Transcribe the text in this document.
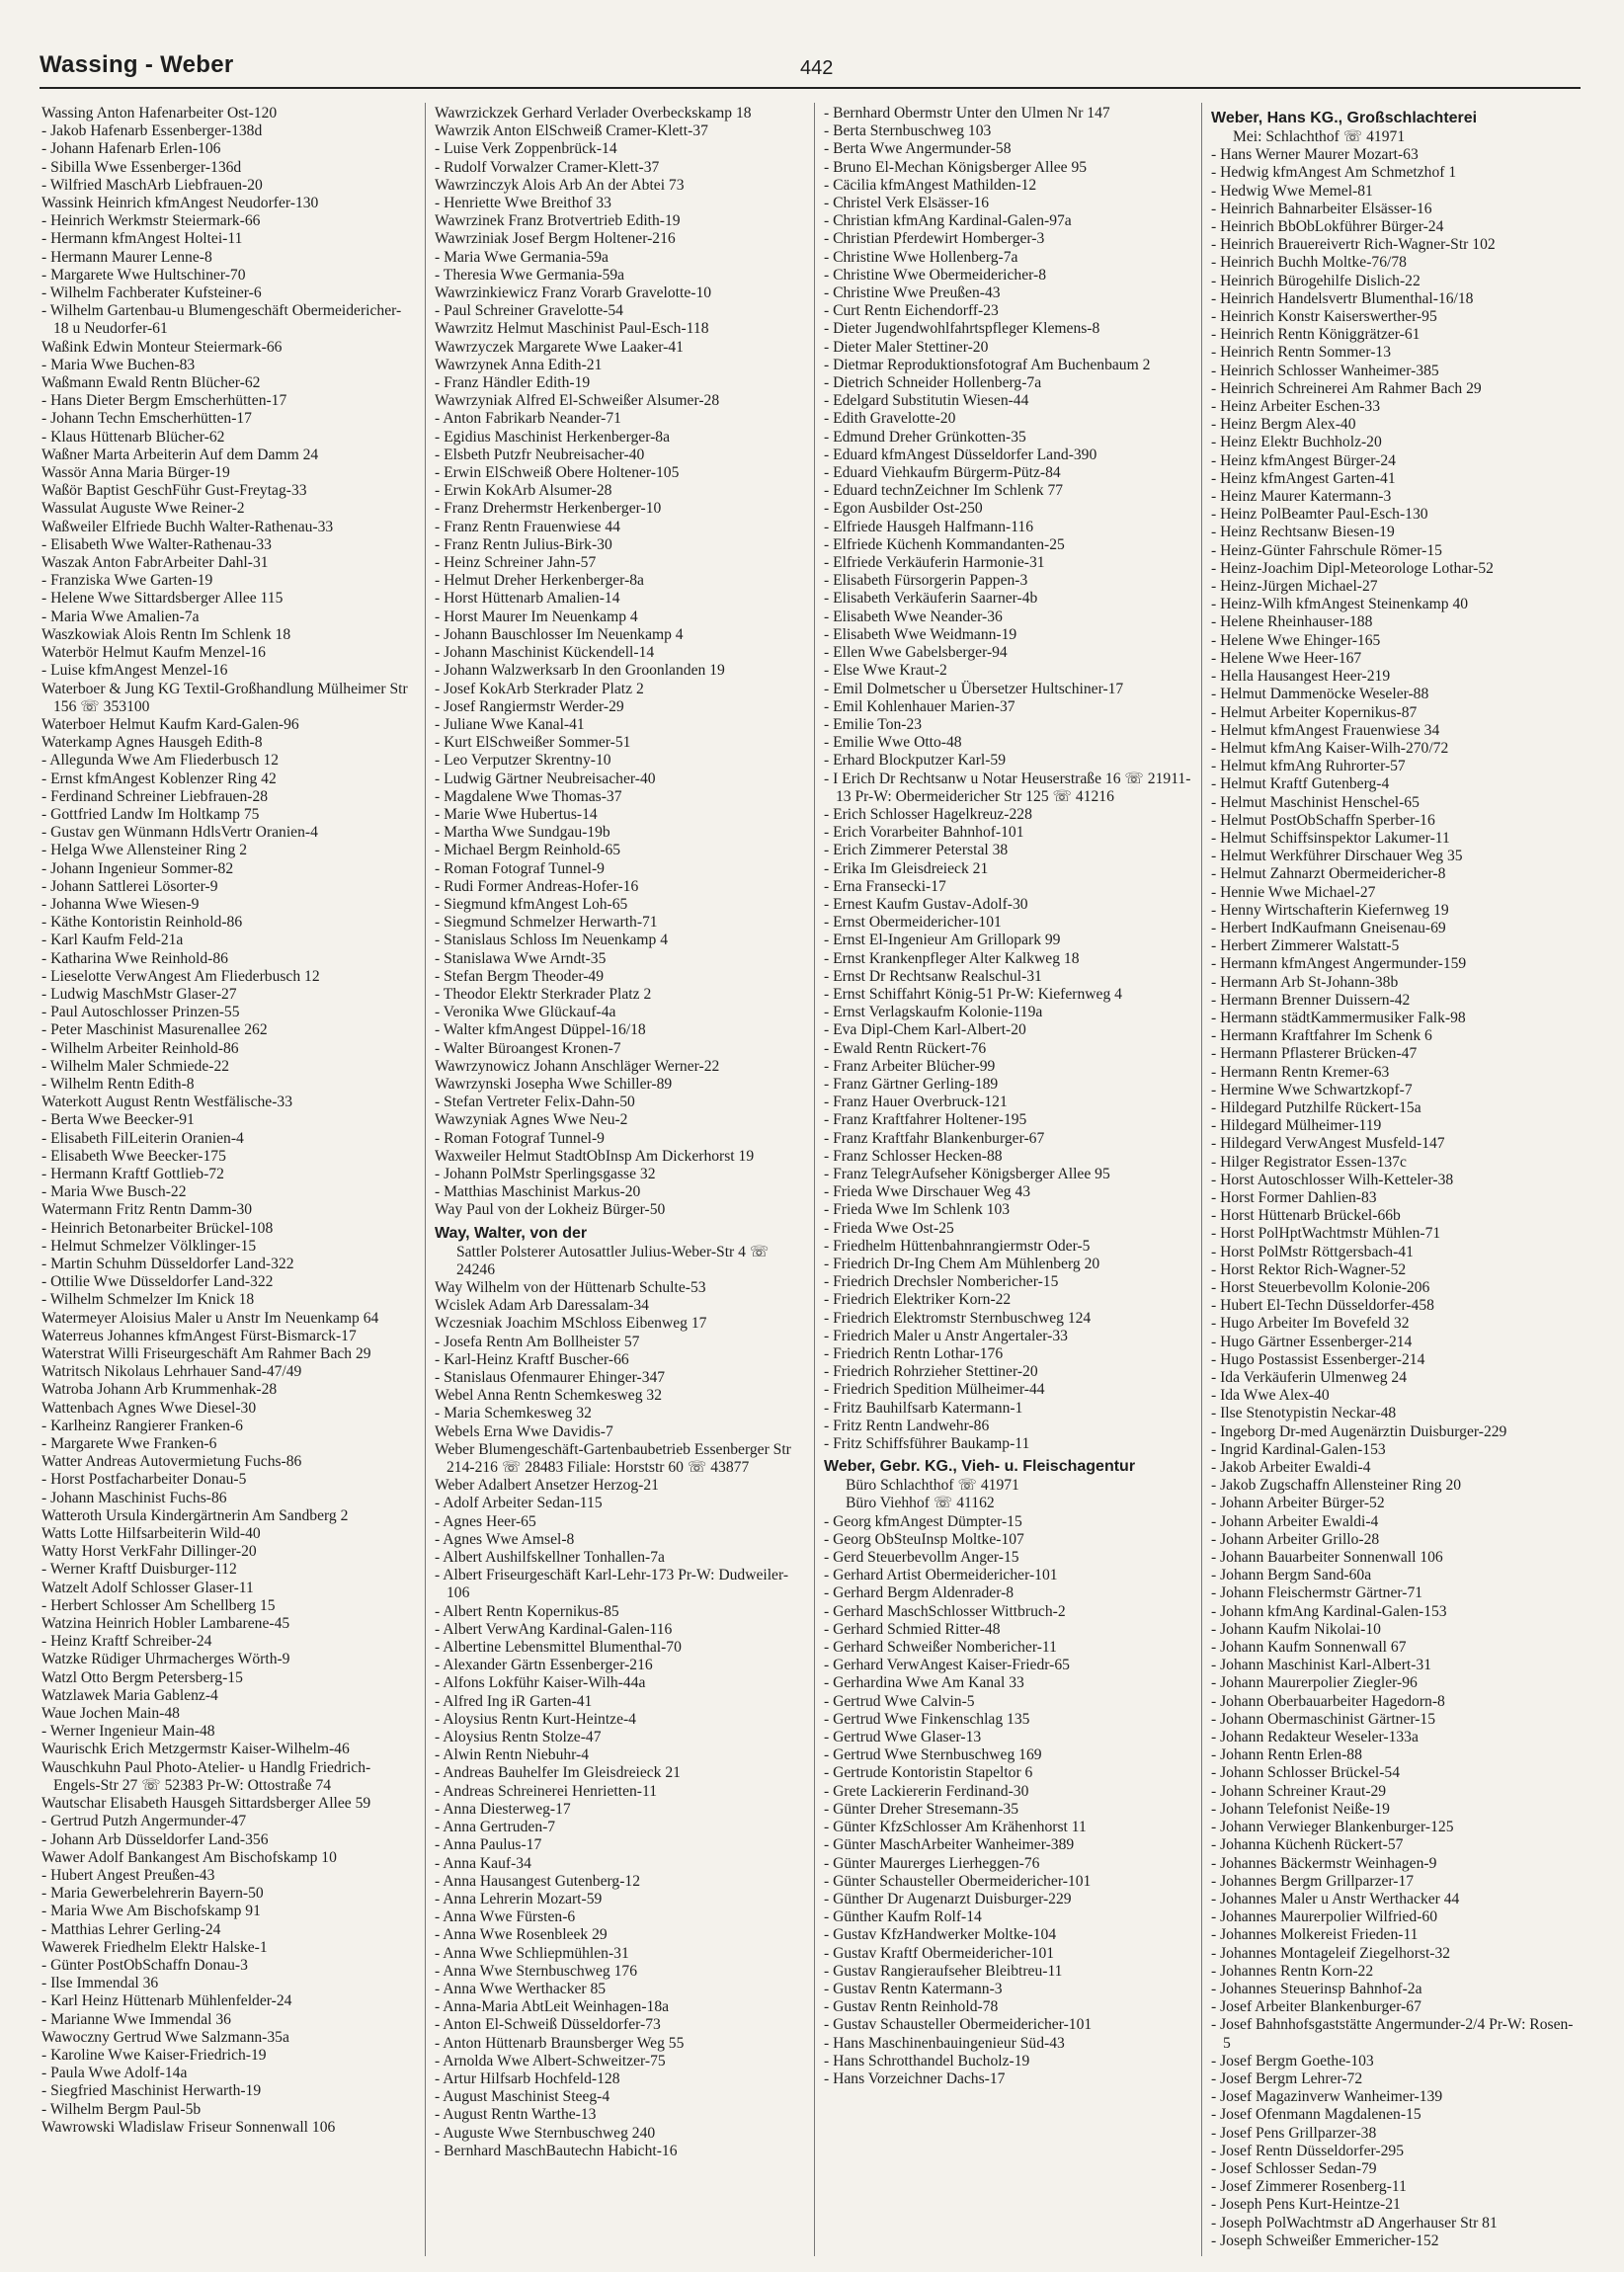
Wassing - Weber	442
Wassing Anton Hafenarbeiter Ost-120
- Jakob Hafenarb Essenberger-138d
- Johann Hafenarb Erlen-106
- Sibilla Wwe Essenberger-136d
- Wilfried MaschArb Liebfrauen-20
Wassink Heinrich kfmAngest Neudorfer-130
- Heinrich Werkmstr Steiermark-66
- Hermann kfmAngest Holtei-11
- Hermann Maurer Lenne-8
- Margarete Wwe Hultschiner-70
- Wilhelm Fachberater Kufsteiner-6
- Wilhelm Gartenbau-u Blumengeschäft Obermeidericher-18 u Neudorfer-61
Waßink Edwin Monteur Steiermark-66
- Maria Wwe Buchen-83
Waßmann Ewald Rentn Blücher-62
- Hans Dieter Bergm Emscherhütten-17
- Johann Techn Emscherhütten-17
- Klaus Hüttenarb Blücher-62
Waßner Marta Arbeiterin Auf dem Damm 24
Wassör Anna Maria Bürger-19
Waßör Baptist GeschFühr Gust-Freytag-33
Wassulat Auguste Wwe Reiner-2
Waßweiler Elfriede Buchh Walter-Rathenau-33
- Elisabeth Wwe Walter-Rathenau-33
Waszak Anton FabrArbeiter Dahl-31
- Franziska Wwe Garten-19
- Helene Wwe Sittardsberger Allee 115
- Maria Wwe Amalien-7a
Waszkowiak Alois Rentn Im Schlenk 18
Waterbör Helmut Kaufm Menzel-16
- Luise kfmAngest Menzel-16
Waterboer & Jung KG Textil-Großhandlung Mülheimer Str 156 ☏ 353100
Waterboer Helmut Kaufm Kard-Galen-96
Waterkamp Agnes Hausgeh Edith-8
- Allegunda Wwe Am Fliederbusch 12
- Ernst kfmAngest Koblenzer Ring 42
- Ferdinand Schreiner Liebfrauen-28
- Gottfried Landw Im Holtkamp 75
- Gustav gen Wünmann HdlsVertr Oranien-4
- Helga Wwe Allensteiner Ring 2
- Johann Ingenieur Sommer-82
- Johann Sattlerei Lösorter-9
- Johanna Wwe Wiesen-9
- Käthe Kontoristin Reinhold-86
- Karl Kaufm Feld-21a
- Katharina Wwe Reinhold-86
- Lieselotte VerwAngest Am Fliederbusch 12
- Ludwig MaschMstr Glaser-27
- Paul Autoschlosser Prinzen-55
- Peter Maschinist Masurenallee 262
- Wilhelm Arbeiter Reinhold-86
- Wilhelm Maler Schmiede-22
- Wilhelm Rentn Edith-8
Waterkott August Rentn Westfälische-33
- Berta Wwe Beecker-91
- Elisabeth FilLeiterin Oranien-4
- Elisabeth Wwe Beecker-175
- Hermann Kraftf Gottlieb-72
- Maria Wwe Busch-22
Watermann Fritz Rentn Damm-30
- Heinrich Betonarbeiter Brückel-108
- Helmut Schmelzer Völklinger-15
- Martin Schuhm Düsseldorfer Land-322
- Ottilie Wwe Düsseldorfer Land-322
- Wilhelm Schmelzer Im Knick 18
Watermeyer Aloisius Maler u Anstr Im Neuenkamp 64
Waterreus Johannes kfmAngest Fürst-Bismarck-17
Waterstrat Willi Friseurgeschäft Am Rahmer Bach 29
Watritsch Nikolaus Lehrhauer Sand-47/49
Watroba Johann Arb Krummenhak-28
Wattenbach Agnes Wwe Diesel-30
- Karlheinz Rangierer Franken-6
- Margarete Wwe Franken-6
Watter Andreas Autovermietung Fuchs-86
- Horst Postfacharbeiter Donau-5
- Johann Maschinist Fuchs-86
Watteroth Ursula Kindergärtnerin Am Sandberg 2
Watts Lotte Hilfsarbeiterin Wild-40
Watty Horst VerkFahr Dillinger-20
- Werner Kraftf Duisburger-112
Watzelt Adolf Schlosser Glaser-11
- Herbert Schlosser Am Schellberg 15
Watzina Heinrich Hobler Lambarene-45
- Heinz Kraftf Schreiber-24
Watzke Rüdiger Uhrmacherges Wörth-9
Watzl Otto Bergm Petersberg-15
Watzlawek Maria Gablenz-4
Waue Jochen Main-48
- Werner Ingenieur Main-48
Waurischk Erich Metzgermstr Kaiser-Wilhelm-46
Wauschkuhn Paul Photo-Atelier- u Handlg Friedrich-Engels-Str 27 ☏ 52383 Pr-W: Ottostraße 74
Wautschar Elisabeth Hausgeh Sittardsberger Allee 59
- Gertrud Putzh Angermunder-47
- Johann Arb Düsseldorfer Land-356
Wawer Adolf Bankangest Am Bischofskamp 10
- Hubert Angest Preußen-43
- Maria Gewerbelehrerin Bayern-50
- Maria Wwe Am Bischofskamp 91
- Matthias Lehrer Gerling-24
Wawerek Friedhelm Elektr Halske-1
- Günter PostObSchaffn Donau-3
- Ilse Immendal 36
- Karl Heinz Hüttenarb Mühlenfelder-24
- Marianne Wwe Immendal 36
Wawoczny Gertrud Wwe Salzmann-35a
- Karoline Wwe Kaiser-Friedrich-19
- Paula Wwe Adolf-14a
- Siegfried Maschinist Herwarth-19
- Wilhelm Bergm Paul-5b
Wawrowski Wladislaw Friseur Sonnenwall 106
Wawrzickzek Gerhard Verlader Overbeckskamp 18
Wawrzik Anton ElSchweiß Cramer-Klett-37
- Luise Verk Zoppenbrück-14
- Rudolf Vorwalzer Cramer-Klett-37
Wawrzinczyk Alois Arb An der Abtei 73
- Henriette Wwe Breithof 33
Wawrzinek Franz Brotvertrieb Edith-19
Wawrziniak Josef Bergm Holtener-216
- Maria Wwe Germania-59a
- Theresia Wwe Germania-59a
Wawrzinkiewicz Franz Vorarb Gravelotte-10
- Paul Schreiner Gravelotte-54
Wawrzitz Helmut Maschinist Paul-Esch-118
Wawrzyczek Margarete Wwe Laaker-41
Wawrzynek Anna Edith-21
- Franz Händler Edith-19
Wawrzyniak Alfred El-Schweißer Alsumer-28
- Anton Fabrikarb Neander-71
- Egidius Maschinist Herkenberger-8a
- Elsbeth Putzfr Neubreisacher-40
- Erwin ElSchweiß Obere Holtener-105
- Erwin KokArb Alsumer-28
- Franz Drehermstr Herkenberger-10
- Franz Rentn Frauenwiese 44
- Franz Rentn Julius-Birk-30
- Heinz Schreiner Jahn-57
- Helmut Dreher Herkenberger-8a
- Horst Hüttenarb Amalien-14
- Horst Maurer Im Neuenkamp 4
- Johann Bauschlosser Im Neuenkamp 4
- Johann Maschinist Kückendell-14
- Johann Walzwerksarb In den Groonlanden 19
- Josef KokArb Sterkrader Platz 2
- Josef Rangiermstr Werder-29
- Juliane Wwe Kanal-41
- Kurt ElSchweißer Sommer-51
- Leo Verputzer Skrentny-10
- Ludwig Gärtner Neubreisacher-40
- Magdalene Wwe Thomas-37
- Marie Wwe Hubertus-14
- Martha Wwe Sundgau-19b
- Michael Bergm Reinhold-65
- Roman Fotograf Tunnel-9
- Rudi Former Andreas-Hofer-16
- Siegmund kfmAngest Loh-65
- Siegmund Schmelzer Herwarth-71
- Stanislaus Schloss Im Neuenkamp 4
- Stanislawa Wwe Arndt-35
- Stefan Bergm Theoder-49
- Theodor Elektr Sterkrader Platz 2
- Veronika Wwe Glückauf-4a
- Walter kfmAngest Düppel-16/18
- Walter Büroangest Kronen-7
Wawrzynowicz Johann Anschläger Werner-22
Wawrzynski Josepha Wwe Schiller-89
- Stefan Vertreter Felix-Dahn-50
Wawzyniak Agnes Wwe Neu-2
- Roman Fotograf Tunnel-9
Waxweiler Helmut StadtObInsp Am Dickerhorst 19
- Johann PolMstr Sperlingsgasse 32
- Matthias Maschinist Markus-20
Way Paul von der Lokheiz Bürger-50
Way, Walter, von der
Sattler Polsterer Autosattler Julius-Weber-Str 4 ☏ 24246
Way Wilhelm von der Hüttenarb Schulte-53
Wcislek Adam Arb Daressalam-34
Wczesniak Joachim MSchloss Eibenweg 17
- Josefa Rentn Am Bollheister 57
- Karl-Heinz Kraftf Buscher-66
- Stanislaus Ofenmaurer Ehinger-347
Webel Anna Rentn Schemkesweg 32
- Maria Schemkesweg 32
Webels Erna Wwe Davidis-7
Weber Blumengeschäft-Gartenbaubetrieb Essenberger Str 214-216 ☏ 28483 Filiale: Horststr 60 ☏ 43877
Weber Adalbert Ansetzer Herzog-21
- Adolf Arbeiter Sedan-115
- Agnes Heer-65
- Agnes Wwe Amsel-8
- Albert Aushilfskellner Tonhallen-7a
- Albert Friseurgeschäft Karl-Lehr-173 Pr-W: Dudweiler-106
- Albert Rentn Kopernikus-85
- Albert VerwAng Kardinal-Galen-116
- Albertine Lebensmittel Blumenthal-70
- Alexander Gärtn Essenberger-216
- Alfons Lokführ Kaiser-Wilh-44a
- Alfred Ing iR Garten-41
- Aloysius Rentn Kurt-Heintze-4
- Aloysius Rentn Stolze-47
- Alwin Rentn Niebuhr-4
- Andreas Bauhelfer Im Gleisdreieck 21
- Andreas Schreinerei Henrietten-11
- Anna Diesterweg-17
- Anna Gertruden-7
- Anna Paulus-17
- Anna Kauf-34
- Anna Hausangest Gutenberg-12
- Anna Lehrerin Mozart-59
- Anna Wwe Fürsten-6
- Anna Wwe Rosenbleek 29
- Anna Wwe Schliepmühlen-31
- Anna Wwe Sternbuschweg 176
- Anna Wwe Werthacker 85
- Anna-Maria AbtLeit Weinhagen-18a
- Anton El-Schweiß Düsseldorfer-73
- Anton Hüttenarb Braunsberger Weg 55
- Arnolda Wwe Albert-Schweitzer-75
- Artur Hilfsarb Hochfeld-128
- August Maschinist Steeg-4
- August Rentn Warthe-13
- Auguste Wwe Sternbuschweg 240
- Bernhard MaschBautechn Habicht-16
- Bernhard Obermstr Unter den Ulmen Nr 147
- Berta Sternbuschweg 103
- Berta Wwe Angermunder-58
- Bruno El-Mechan Königsberger Allee 95
- Cäcilia kfmAngest Mathilden-12
- Christel Verk Elsässer-16
- Christian kfmAng Kardinal-Galen-97a
- Christian Pferdewirt Homberger-3
- Christine Wwe Hollenberg-7a
- Christine Wwe Obermeidericher-8
- Christine Wwe Preußen-43
- Curt Rentn Eichendorff-23
- Dieter Jugendwohlfahrtspfleger Klemens-8
- Dieter Maler Stettiner-20
- Dietmar Reproduktionsfotograf Am Buchenbaum 2
- Dietrich Schneider Hollenberg-7a
- Edelgard Substitutin Wiesen-44
- Edith Gravelotte-20
- Edmund Dreher Grünkotten-35
- Eduard kfmAngest Düsseldorfer Land-390
- Eduard Viehkaufm Bürgerm-Pütz-84
- Eduard technZeichner Im Schlenk 77
- Egon Ausbilder Ost-250
- Elfriede Hausgeh Halfmann-116
- Elfriede Küchenh Kommandanten-25
- Elfriede Verkäuferin Harmonie-31
- Elisabeth Fürsorgerin Pappen-3
- Elisabeth Verkäuferin Saarner-4b
- Elisabeth Wwe Neander-36
- Elisabeth Wwe Weidmann-19
- Ellen Wwe Gabelsberger-94
- Else Wwe Kraut-2
- Emil Dolmetscher u Übersetzer Hultschiner-17
- Emil Kohlenhauer Marien-37
- Emilie Ton-23
- Emilie Wwe Otto-48
- Erhard Blockputzer Karl-59
- I Erich Dr Rechtsanw u Notar Heuserstraße 16 ☏ 21911-13 Pr-W: Obermeidericher Str 125 ☏ 41216
- Erich Schlosser Hagelkreuz-228
- Erich Vorarbeiter Bahnhof-101
- Erich Zimmerer Peterstal 38
- Erika Im Gleisdreieck 21
- Erna Fransecki-17
- Ernest Kaufm Gustav-Adolf-30
- Ernst Obermeidericher-101
- Ernst El-Ingenieur Am Grillopark 99
- Ernst Krankenpfleger Alter Kalkweg 18
- Ernst Dr Rechtsanw Realschul-31
- Ernst Schiffahrt König-51 Pr-W: Kiefernweg 4
- Ernst Verlagskaufm Kolonie-119a
- Eva Dipl-Chem Karl-Albert-20
- Ewald Rentn Rückert-76
- Franz Arbeiter Blücher-99
- Franz Gärtner Gerling-189
- Franz Hauer Overbruck-121
- Franz Kraftfahrer Holtener-195
- Franz Kraftfahr Blankenburger-67
- Franz Schlosser Hecken-88
- Franz TelegrAufseher Königsberger Allee 95
- Frieda Wwe Dirschauer Weg 43
- Frieda Wwe Im Schlenk 103
- Frieda Wwe Ost-25
- Friedhelm Hüttenbahnrangiermstr Oder-5
- Friedrich Dr-Ing Chem Am Mühlenberg 20
- Friedrich Drechsler Nombericher-15
- Friedrich Elektriker Korn-22
- Friedrich Elektromstr Sternbuschweg 124
- Friedrich Maler u Anstr Angertaler-33
- Friedrich Rentn Lothar-176
- Friedrich Rohrzieher Stettiner-20
- Friedrich Spedition Mülheimer-44
- Fritz Bauhilfsarb Katermann-1
- Fritz Rentn Landwehr-86
- Fritz Schiffsführer Baukamp-11
Weber, Gebr. KG., Vieh- u. Fleischagentur
Büro Schlachthof ☏ 41971
Büro Viehhof ☏ 41162
- Georg kfmAngest Dümpter-15
- Georg ObSteuInsp Moltke-107
- Gerd Steuerbevollm Anger-15
- Gerhard Artist Obermeidericher-101
- Gerhard Bergm Aldenrader-8
- Gerhard MaschSchlosser Wittbruch-2
- Gerhard Schmied Ritter-48
- Gerhard Schweißer Nombericher-11
- Gerhard VerwAngest Kaiser-Friedr-65
- Gerhardina Wwe Am Kanal 33
- Gertrud Wwe Calvin-5
- Gertrud Wwe Finkenschlag 135
- Gertrud Wwe Glaser-13
- Gertrud Wwe Sternbuschweg 169
- Gertrude Kontoristin Stapeltor 6
- Grete Lackiererin Ferdinand-30
- Günter Dreher Stresemann-35
- Günter KfzSchlosser Am Krähenhorst 11
- Günter MaschArbeiter Wanheimer-389
- Günter Maurerges Lierheggen-76
- Günter Schausteller Obermeidericher-101
- Günther Dr Augenarzt Duisburger-229
- Günther Kaufm Rolf-14
- Gustav KfzHandwerker Moltke-104
- Gustav Kraftf Obermeidericher-101
- Gustav Rangieraufseher Bleibtreu-11
- Gustav Rentn Katermann-3
- Gustav Rentn Reinhold-78
- Gustav Schausteller Obermeidericher-101
- Hans Maschinenbauingenieur Süd-43
- Hans Schrotthandel Bucholz-19
- Hans Vorzeichner Dachs-17
Weber, Hans KG., Großschlachterei
Mei: Schlachthof ☏ 41971
- Hans Werner Maurer Mozart-63
- Hedwig kfmAngest Am Schmetzhof 1
- Hedwig Wwe Memel-81
- Heinrich Bahnarbeiter Elsässer-16
- Heinrich BbObLokführer Bürger-24
- Heinrich Brauereivertr Rich-Wagner-Str 102
- Heinrich Buchh Moltke-76/78
- Heinrich Bürogehilfe Dislich-22
- Heinrich Handelsvertr Blumenthal-16/18
- Heinrich Konstr Kaiserswerther-95
- Heinrich Rentn Königgrätzer-61
- Heinrich Rentn Sommer-13
- Heinrich Schlosser Wanheimer-385
- Heinrich Schreinerei Am Rahmer Bach 29
- Heinz Arbeiter Eschen-33
- Heinz Bergm Alex-40
- Heinz Elektr Buchholz-20
- Heinz kfmAngest Bürger-24
- Heinz kfmAngest Garten-41
- Heinz Maurer Katermann-3
- Heinz PolBeamter Paul-Esch-130
- Heinz Rechtsanw Biesen-19
- Heinz-Günter Fahrschule Römer-15
- Heinz-Joachim Dipl-Meteorologe Lothar-52
- Heinz-Jürgen Michael-27
- Heinz-Wilh kfmAngest Steinenkamp 40
- Helene Rheinhauser-188
- Helene Wwe Ehinger-165
- Helene Wwe Heer-167
- Hella Hausangest Heer-219
- Helmut Dammenöcke Weseler-88
- Helmut Arbeiter Kopernikus-87
- Helmut kfmAngest Frauenwiese 34
- Helmut kfmAng Kaiser-Wilh-270/72
- Helmut kfmAng Ruhrorter-57
- Helmut Kraftf Gutenberg-4
- Helmut Maschinist Henschel-65
- Helmut PostObSchaffn Sperber-16
- Helmut Schiffsinspektor Lakumer-11
- Helmut Werkführer Dirschauer Weg 35
- Helmut Zahnarzt Obermeidericher-8
- Hennie Wwe Michael-27
- Henny Wirtschafterin Kiefernweg 19
- Herbert IndKaufmann Gneisenau-69
- Herbert Zimmerer Walstatt-5
- Hermann kfmAngest Angermunder-159
- Hermann Arb St-Johann-38b
- Hermann Brenner Duissern-42
- Hermann städtKammermusiker Falk-98
- Hermann Kraftfahrer Im Schenk 6
- Hermann Pflasterer Brücken-47
- Hermann Rentn Kremer-63
- Hermine Wwe Schwartzkopf-7
- Hildegard Putzhilfe Rückert-15a
- Hildegard Mülheimer-119
- Hildegard VerwAngest Musfeld-147
- Hilger Registrator Essen-137c
- Horst Autoschlosser Wilh-Ketteler-38
- Horst Former Dahlien-83
- Horst Hüttenarb Brückel-66b
- Horst PolHptWachtmstr Mühlen-71
- Horst PolMstr Röttgersbach-41
- Horst Rektor Rich-Wagner-52
- Horst Steuerbevollm Kolonie-206
- Hubert El-Techn Düsseldorfer-458
- Hugo Arbeiter Im Bovefeld 32
- Hugo Gärtner Essenberger-214
- Hugo Postassist Essenberger-214
- Ida Verkäuferin Ulmenweg 24
- Ida Wwe Alex-40
- Ilse Stenotypistin Neckar-48
- Ingeborg Dr-med Augenärztin Duisburger-229
- Ingrid Kardinal-Galen-153
- Jakob Arbeiter Ewaldi-4
- Jakob Zugschaffn Allensteiner Ring 20
- Johann Arbeiter Bürger-52
- Johann Arbeiter Ewaldi-4
- Johann Arbeiter Grillo-28
- Johann Bauarbeiter Sonnenwall 106
- Johann Bergm Sand-60a
- Johann Fleischermstr Gärtner-71
- Johann kfmAng Kardinal-Galen-153
- Johann Kaufm Nikolai-10
- Johann Kaufm Sonnenwall 67
- Johann Maschinist Karl-Albert-31
- Johann Maurerpolier Ziegler-96
- Johann Oberbauarbeiter Hagedorn-8
- Johann Obermaschinist Gärtner-15
- Johann Redakteur Weseler-133a
- Johann Rentn Erlen-88
- Johann Schlosser Brückel-54
- Johann Schreiner Kraut-29
- Johann Telefonist Neiße-19
- Johann Verwieger Blankenburger-125
- Johanna Küchenh Rückert-57
- Johannes Bäckermstr Weinhagen-9
- Johannes Bergm Grillparzer-17
- Johannes Maler u Anstr Werthacker 44
- Johannes Maurerpolier Wilfried-60
- Johannes Molkereist Frieden-11
- Johannes Montageleif Ziegelhorst-32
- Johannes Rentn Korn-22
- Johannes Steuerinsp Bahnhof-2a
- Josef Arbeiter Blankenburger-67
- Josef Bahnhofsgaststätte Angermunder-2/4 Pr-W: Rosen-5
- Josef Bergm Goethe-103
- Josef Bergm Lehrer-72
- Josef Magazinverw Wanheimer-139
- Josef Ofenmann Magdalenen-15
- Josef Pens Grillparzer-38
- Josef Rentn Düsseldorfer-295
- Josef Schlosser Sedan-79
- Josef Zimmerer Rosenberg-11
- Joseph Pens Kurt-Heintze-21
- Joseph PolWachtmstr aD Angerhauser Str 81
- Joseph Schweißer Emmericher-152
